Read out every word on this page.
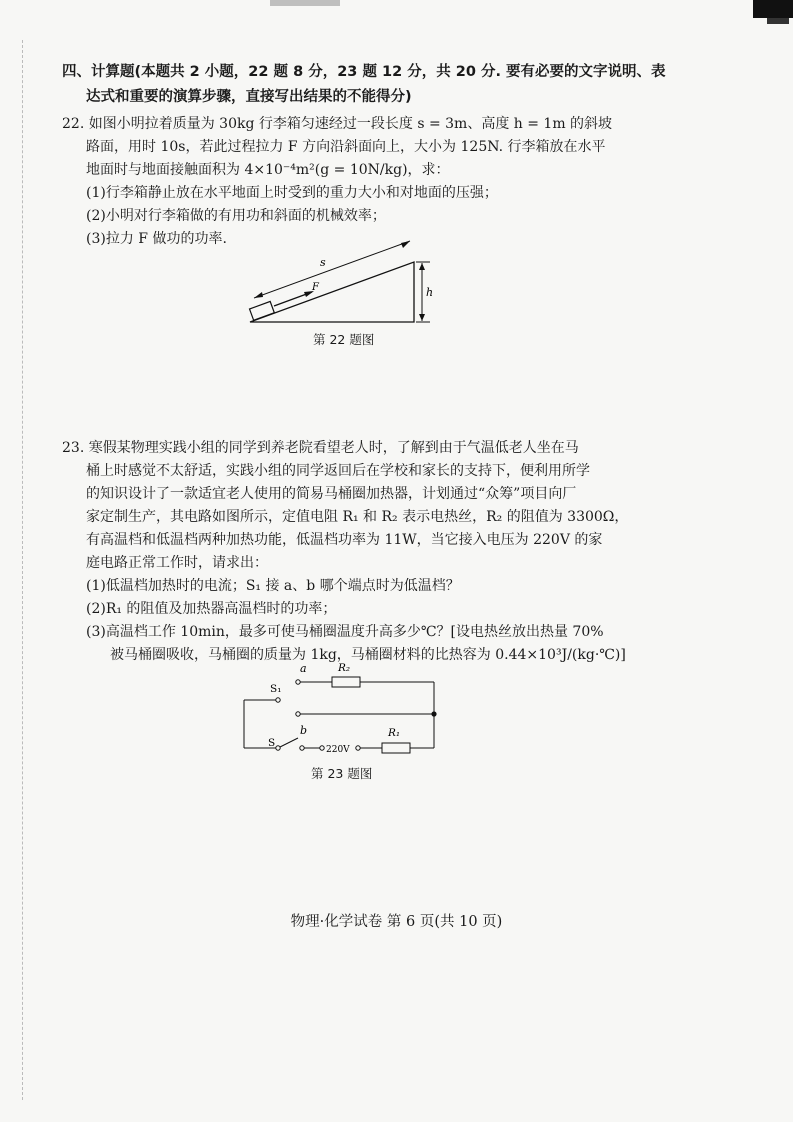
四、计算题(本题共 2 小题，22 题 8 分，23 题 12 分，共 20 分. 要有必要的文字说明、表

达式和重要的演算步骤，直接写出结果的不能得分)

22. 如图小明拉着质量为 30kg 行李箱匀速经过一段长度 s = 3m、高度 h = 1m 的斜坡

路面，用时 10s，若此过程拉力 F 方向沿斜面向上，大小为 125N. 行李箱放在水平

地面时与地面接触面积为 4×10⁻⁴m²(g = 10N/kg)，求：

(1)行李箱静止放在水平地面上时受到的重力大小和对地面的压强；

(2)小明对行李箱做的有用功和斜面的机械效率；

(3)拉力 F 做功的功率.

s
F	h
第 22 题图

23. 寒假某物理实践小组的同学到养老院看望老人时，了解到由于气温低老人坐在马

桶上时感觉不太舒适，实践小组的同学返回后在学校和家长的支持下，便利用所学

的知识设计了一款适宜老人使用的简易马桶圈加热器，计划通过“众筹”项目向厂

家定制生产，其电路如图所示，定值电阻 R₁ 和 R₂ 表示电热丝，R₂ 的阻值为 3300Ω，

有高温档和低温档两种加热功能，低温档功率为 11W，当它接入电压为 220V 的家

庭电路正常工作时，请求出：

(1)低温档加热时的电流；S₁ 接 a、b 哪个端点时为低温档？

(2)R₁ 的阻值及加热器高温档时的功率；

(3)高温档工作 10min，最多可使马桶圈温度升高多少℃？[设电热丝放出热量 70%

被马桶圈吸收，马桶圈的质量为 1kg，马桶圈材料的比热容为 0.44×10³J/(kg·℃)]

a	R₂
S₁
b
S
220V
R₁
第 23 题图
物理·化学试卷 第 6 页(共 10 页)
